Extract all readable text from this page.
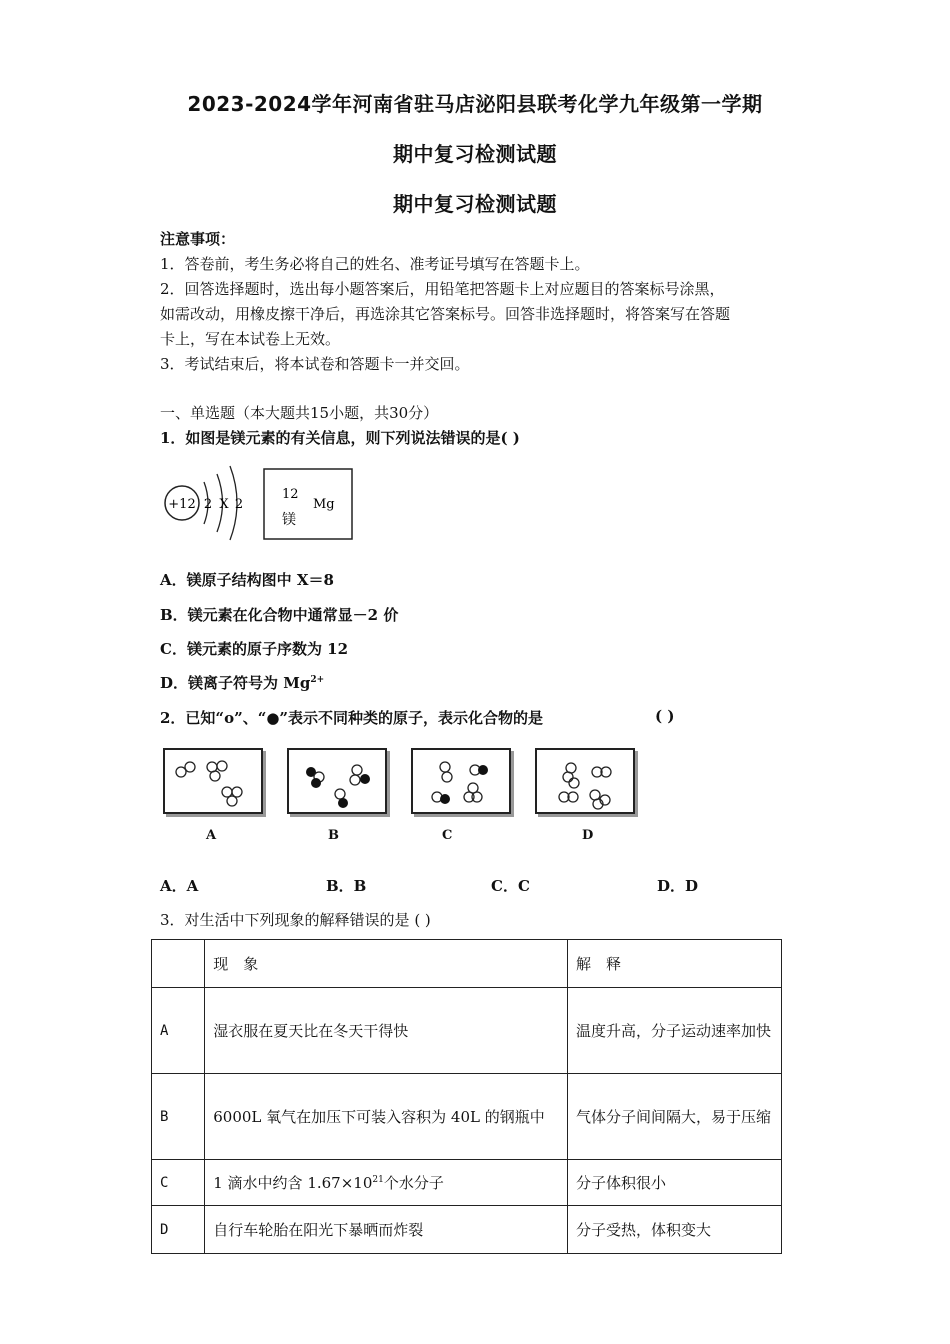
2023-2024学年河南省驻马店泌阳县联考化学九年级第一学期
期中复习检测试题
期中复习检测试题
注意事项：
1．答卷前，考生务必将自己的姓名、准考证号填写在答题卡上。
2．回答选择题时，选出每小题答案后，用铅笔把答题卡上对应题目的答案标号涂黑，
如需改动，用橡皮擦干净后，再选涂其它答案标号。回答非选择题时，将答案写在答题
卡上，写在本试卷上无效。
3．考试结束后，将本试卷和答题卡一并交回。
一、单选题（本大题共15小题，共30分）
1．如图是镁元素的有关信息，则下列说法错误的是( )
+12 2 X 2
12
Mg
镁
A．镁原子结构图中 X＝8
B．镁元素在化合物中通常显－2 价
C．镁元素的原子序数为 12
D．镁离子符号为 $Mg^{2+}$
2．已知“o”、“●”表示不同种类的原子，表示化合物的是	( )
A	B	C	D
A．A	B．B	C．C	D．D
3．对生活中下列现象的解释错误的是 ( )
	现　象	解　释
A	湿衣服在夏天比在冬天干得快	温度升高，分子运动速率加快
B	6000L 氧气在加压下可装入容积为 40L 的钢瓶中	气体分子间间隔大，易于压缩
C	1 滴水中约含 $1.67\times 10^{21}$个水分子	分子体积很小
D	自行车轮胎在阳光下暴晒而炸裂	分子受热，体积变大
